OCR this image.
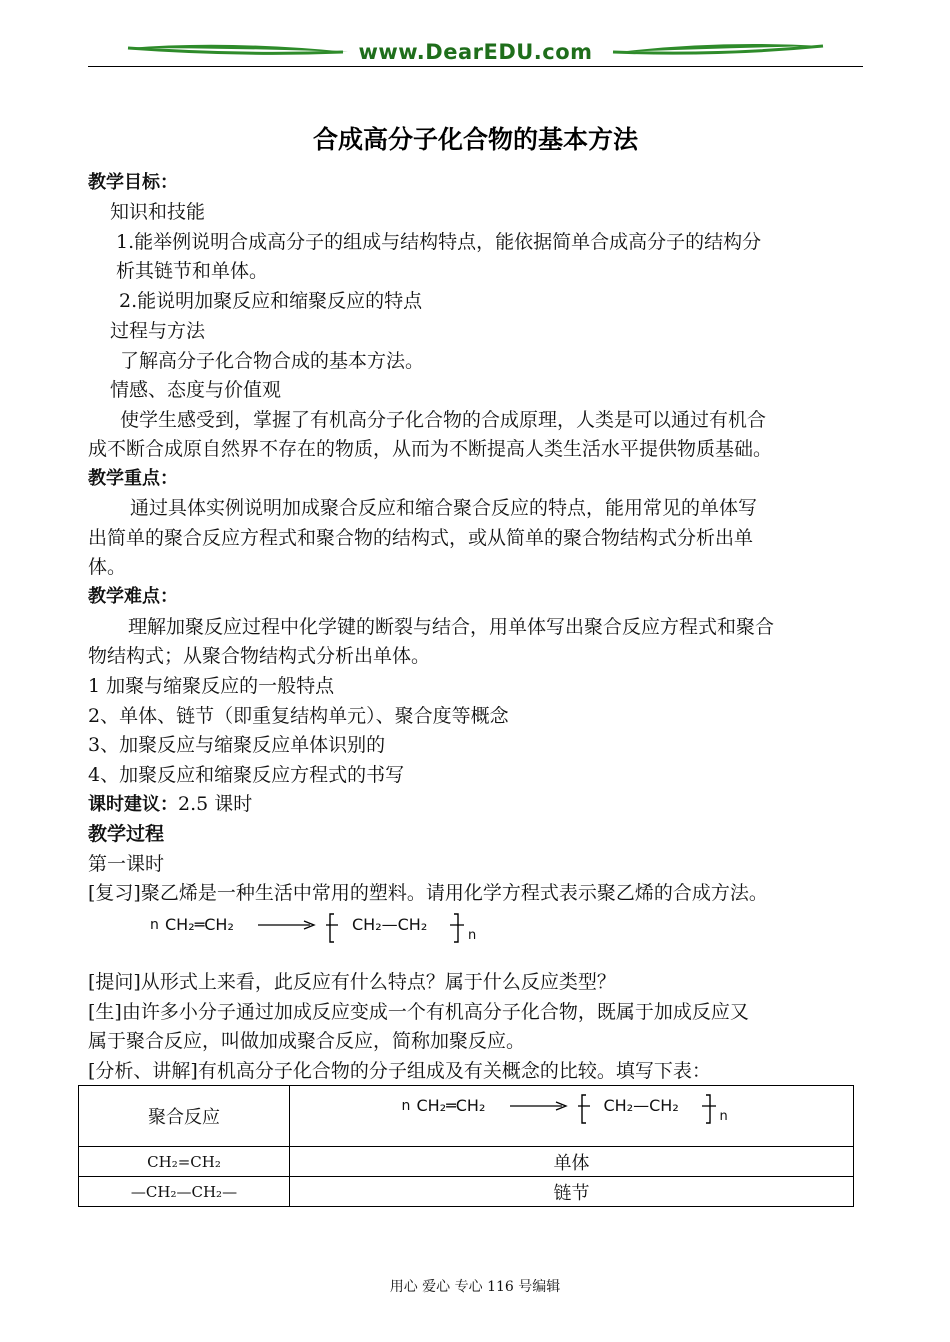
www.DearEDU.com
合成高分子化合物的基本方法
教学目标：
知识和技能
1.能举例说明合成高分子的组成与结构特点，能依据简单合成高分子的结构分
析其链节和单体。
2.能说明加聚反应和缩聚反应的特点
过程与方法
了解高分子化合物合成的基本方法。
情感、态度与价值观
使学生感受到，掌握了有机高分子化合物的合成原理，人类是可以通过有机合
成不断合成原自然界不存在的物质，从而为不断提高人类生活水平提供物质基础。
教学重点：
通过具体实例说明加成聚合反应和缩合聚合反应的特点，能用常见的单体写
出简单的聚合反应方程式和聚合物的结构式，或从简单的聚合物结构式分析出单
体。
教学难点：
理解加聚反应过程中化学键的断裂与结合，用单体写出聚合反应方程式和聚合
物结构式；从聚合物结构式分析出单体。
1 加聚与缩聚反应的一般特点
2、单体、链节（即重复结构单元）、聚合度等概念
3、加聚反应与缩聚反应单体识别的
4、加聚反应和缩聚反应方程式的书写
课时建议：2.5 课时
教学过程
第一课时
[复习]聚乙烯是一种生活中常用的塑料。请用化学方程式表示聚乙烯的合成方法。
n CH₂═CH₂	CH₂—CH₂
n
[提问]从形式上来看，此反应有什么特点？属于什么反应类型？
[生]由许多小分子通过加成反应变成一个有机高分子化合物，既属于加成反应又
属于聚合反应，叫做加成聚合反应，简称加聚反应。
[分析、讲解]有机高分子化合物的分子组成及有关概念的比较。填写下表：
聚合反应	n CH₂═CH₂ CH₂—CH₂
n

CH₂=CH₂	单体
—CH₂—CH₂—	链节
用心 爱心 专心 116 号编辑
